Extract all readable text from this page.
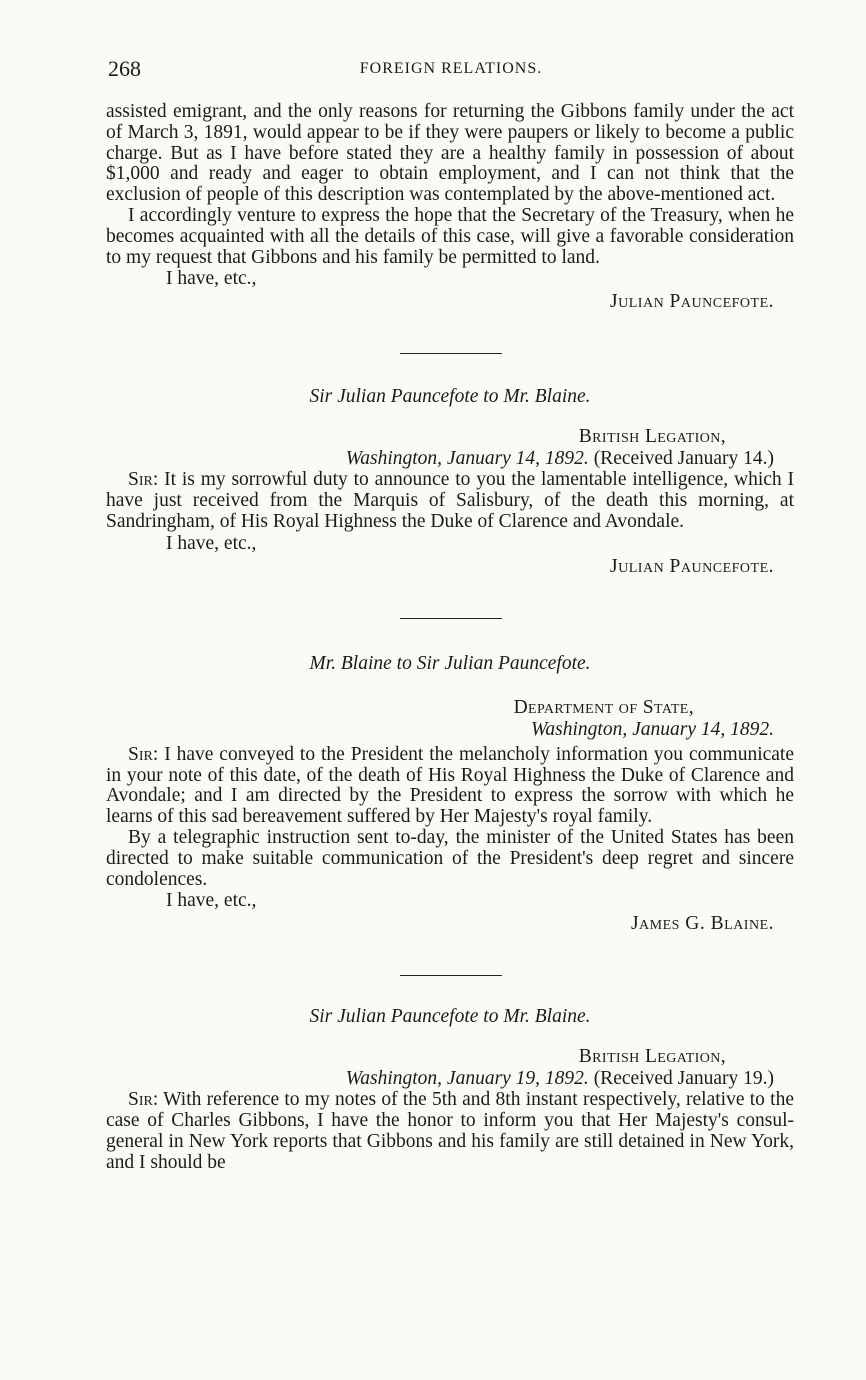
268	FOREIGN RELATIONS.

assisted emigrant, and the only reasons for returning the Gibbons family under the act of March 3, 1891, would appear to be if they were paupers or likely to become a public charge. But as I have before stated they are a healthy family in possession of about $1,000 and ready and eager to obtain employment, and I can not think that the exclusion of people of this description was contemplated by the above-mentioned act.

I accordingly venture to express the hope that the Secretary of the Treasury, when he becomes acquainted with all the details of this case, will give a favorable consideration to my request that Gibbons and his family be permitted to land.

I have, etc.,
Julian Pauncefote.
Sir Julian Pauncefote to Mr. Blaine.
British Legation,
Washington, January 14, 1892. (Received January 14.)

Sir: It is my sorrowful duty to announce to you the lamentable intelligence, which I have just received from the Marquis of Salisbury, of the death this morning, at Sandringham, of His Royal Highness the Duke of Clarence and Avondale.

I have, etc.,
Julian Pauncefote.
Mr. Blaine to Sir Julian Pauncefote.
Department of State,
Washington, January 14, 1892.

Sir: I have conveyed to the President the melancholy information you communicate in your note of this date, of the death of His Royal Highness the Duke of Clarence and Avondale; and I am directed by the President to express the sorrow with which he learns of this sad bereavement suffered by Her Majesty's royal family.

By a telegraphic instruction sent to-day, the minister of the United States has been directed to make suitable communication of the President's deep regret and sincere condolences.

I have, etc.,
James G. Blaine.
Sir Julian Pauncefote to Mr. Blaine.
British Legation,
Washington, January 19, 1892. (Received January 19.)

Sir: With reference to my notes of the 5th and 8th instant respectively, relative to the case of Charles Gibbons, I have the honor to inform you that Her Majesty's consul-general in New York reports that Gibbons and his family are still detained in New York, and I should be
